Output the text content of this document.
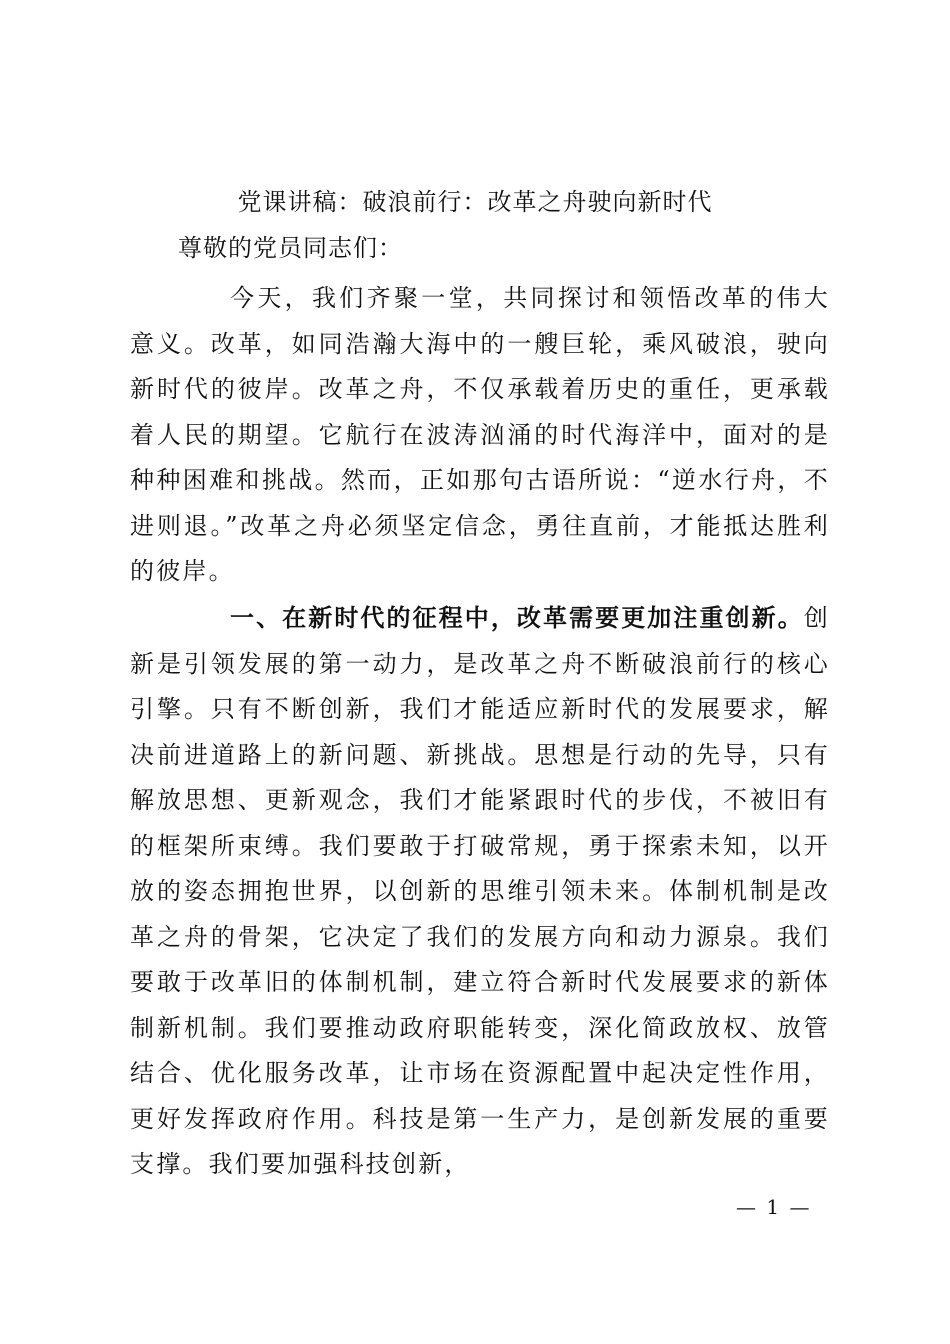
党课讲稿：破浪前行：改革之舟驶向新时代
尊敬的党员同志们：

今天，我们齐聚一堂，共同探讨和领悟改革的伟大意义。改革，如同浩瀚大海中的一艘巨轮，乘风破浪，驶向新时代的彼岸。改革之舟，不仅承载着历史的重任，更承载着人民的期望。它航行在波涛汹涌的时代海洋中，面对的是种种困难和挑战。然而，正如那句古语所说：“逆水行舟，不进则退。”改革之舟必须坚定信念，勇往直前，才能抵达胜利的彼岸。

一、在新时代的征程中，改革需要更加注重创新。创新是引领发展的第一动力，是改革之舟不断破浪前行的核心引擎。只有不断创新，我们才能适应新时代的发展要求，解决前进道路上的新问题、新挑战。思想是行动的先导，只有解放思想、更新观念，我们才能紧跟时代的步伐，不被旧有的框架所束缚。我们要敢于打破常规，勇于探索未知，以开放的姿态拥抱世界，以创新的思维引领未来。体制机制是改革之舟的骨架，它决定了我们的发展方向和动力源泉。我们要敢于改革旧的体制机制，建立符合新时代发展要求的新体制新机制。我们要推动政府职能转变，深化简政放权、放管结合、优化服务改革，让市场在资源配置中起决定性作用，更好发挥政府作用。科技是第一生产力，是创新发展的重要支撑。我们要加强科技创新，

— 1 —
